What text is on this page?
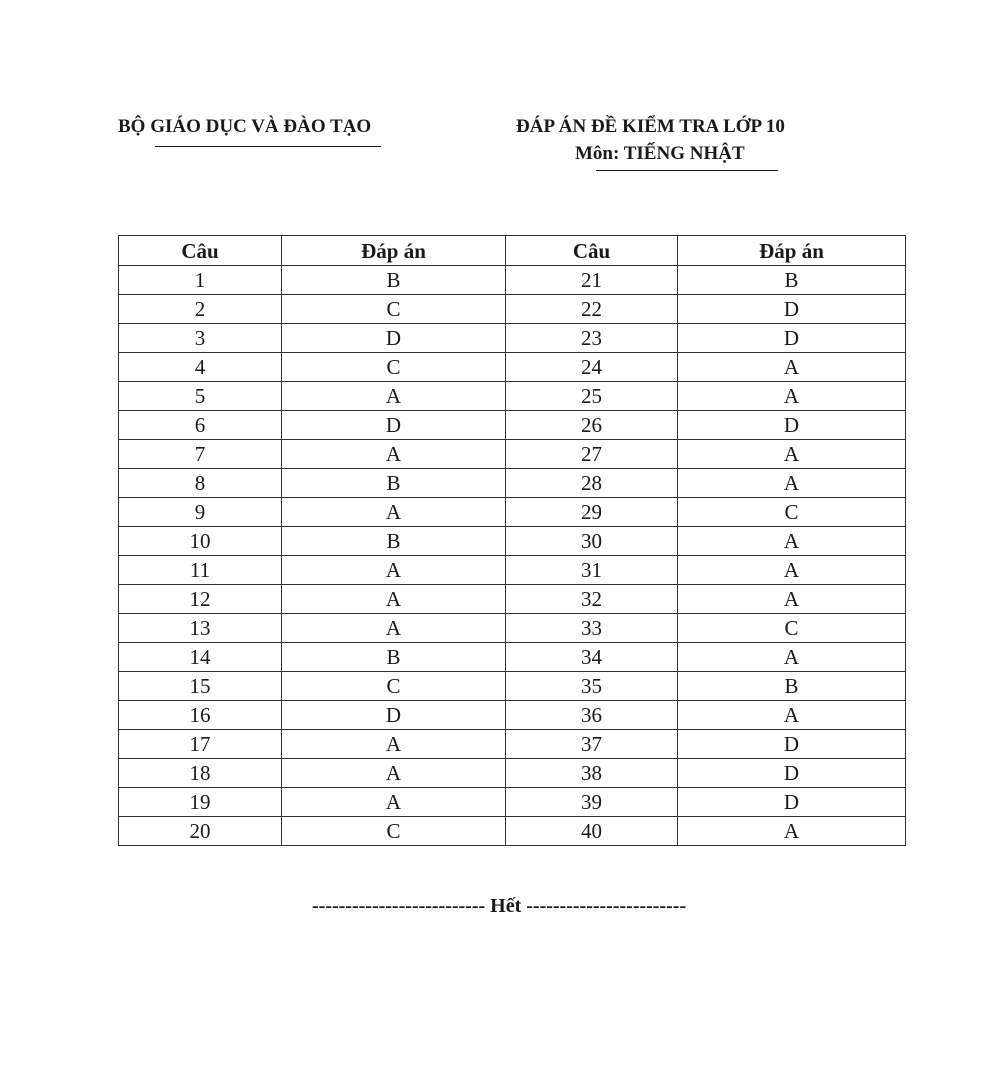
BỘ GIÁO DỤC VÀ ĐÀO TẠO	ĐÁP ÁN ĐỀ KIỂM TRA LỚP 10
Môn: TIẾNG NHẬT
Câu	Đáp án	Câu	Đáp án
1	B	21	B
2	C	22	D
3	D	23	D
4	C	24	A
5	A	25	A
6	D	26	D
7	A	27	A
8	B	28	A
9	A	29	C
10	B	30	A
11	A	31	A
12	A	32	A
13	A	33	C
14	B	34	A
15	C	35	B
16	D	36	A
17	A	37	D
18	A	38	D
19	A	39	D
20	C	40	A
-------------------------- Hết ------------------------
